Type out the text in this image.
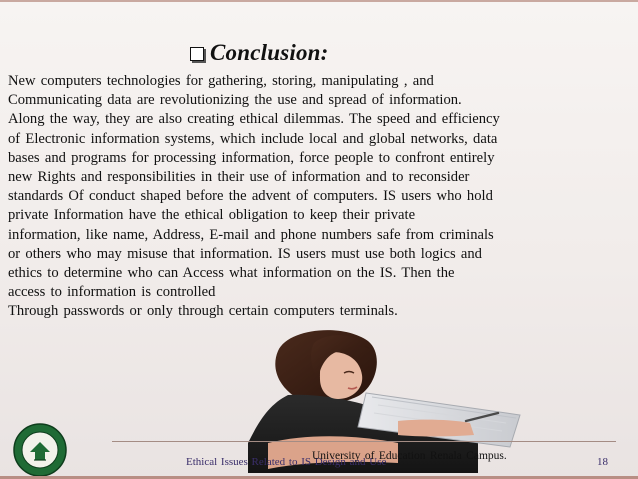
Conclusion:
New computers technologies for gathering, storing, manipulating , and
Communicating data are revolutionizing the use and spread of information.
Along the way, they are also creating ethical dilemmas. The speed and efficiency
of Electronic information systems, which include local and global networks, data
bases and programs for processing information, force people to confront entirely
new Rights and responsibilities in their use of information and to reconsider
standards Of conduct shaped before the advent of computers. IS users who hold
private Information have the ethical obligation to keep their private
information, like name, Address, E-mail and phone numbers safe from criminals
or others who may misuse that information. IS users must use both logics and
ethics to determine who can Access what information on the IS. Then the
access to information is controlled
Through passwords or only through certain computers terminals.
Ethical Issues Related to IS Design and Use
University of Education Renala Campus.	18
